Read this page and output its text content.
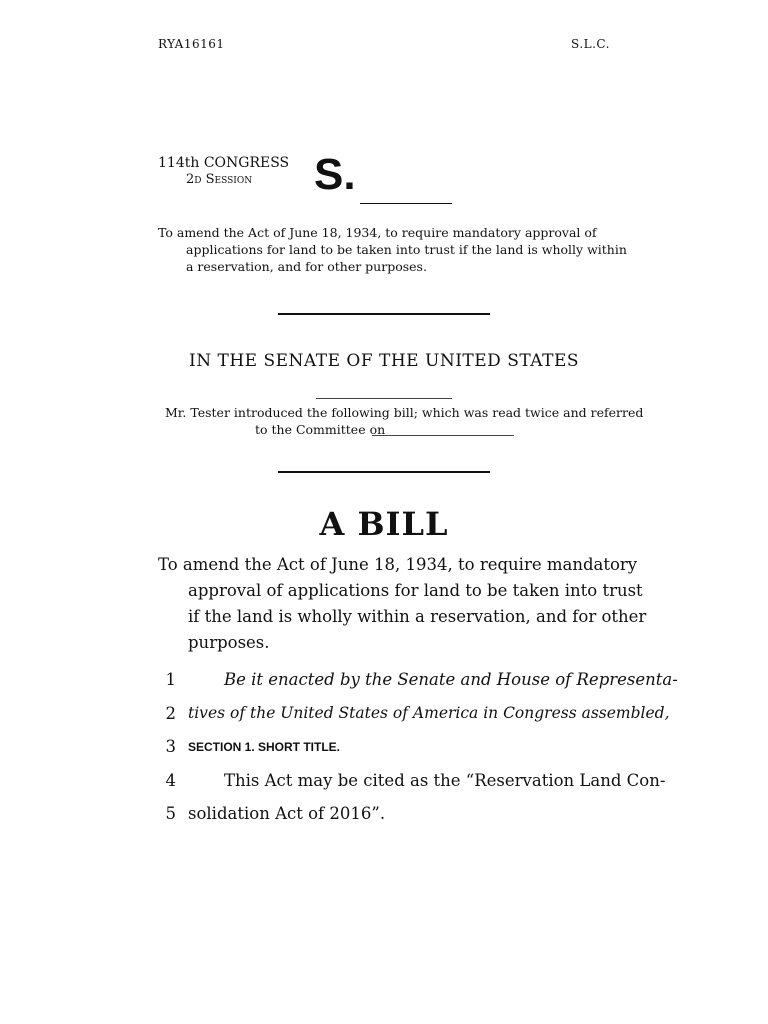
RYA16161	S.L.C.
114th CONGRESS
2d Session S.
To amend the Act of June 18, 1934, to require mandatory approval of
applications for land to be taken into trust if the land is wholly within
a reservation, and for other purposes.
IN THE SENATE OF THE UNITED STATES
Mr. Tester introduced the following bill; which was read twice and referred
to the Committee on
A BILL
To amend the Act of June 18, 1934, to require mandatory
approval of applications for land to be taken into trust
if the land is wholly within a reservation, and for other
purposes.
1	Be it enacted by the Senate and House of Representa-
2 tives of the United States of America in Congress assembled,
3 SECTION 1. SHORT TITLE.
4	This Act may be cited as the “Reservation Land Con-
5 solidation Act of 2016”.
